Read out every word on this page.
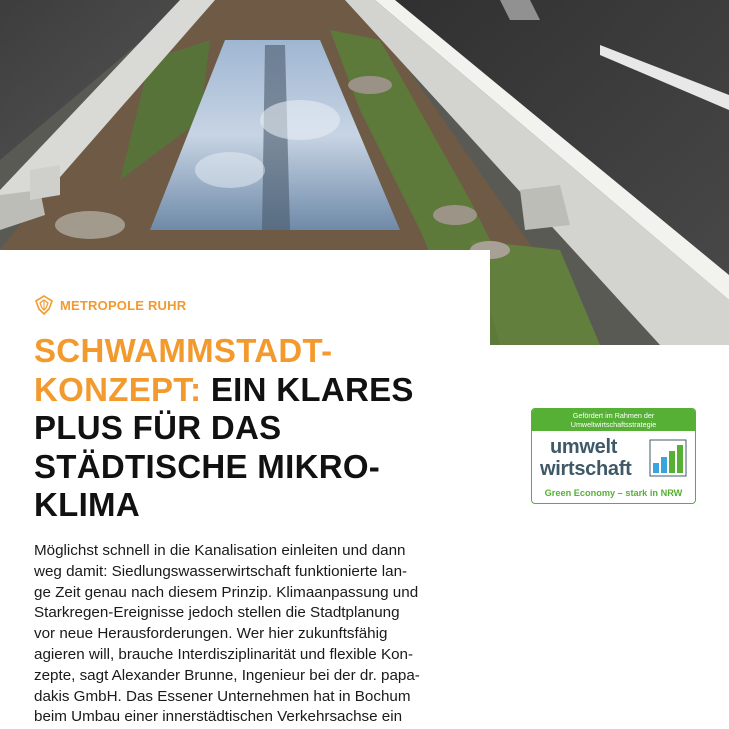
METROPOLE RUHR
SCHWAMMSTADT-
KONZEPT: EIN KLARES
PLUS FÜR DAS
STÄDTISCHE MIKRO-
KLIMA
Möglichst schnell in die Kanalisation einleiten und dann
weg damit: Siedlungswasserwirtschaft funktionierte lan-
ge Zeit genau nach diesem Prinzip. Klimaanpassung und
Starkregen-Ereignisse jedoch stellen die Stadtplanung
vor neue Herausforderungen. Wer hier zukunftsfähig
agieren will, brauche Interdisziplinarität und flexible Kon-
zepte, sagt Alexander Brunne, Ingenieur bei der dr. papa-
dakis GmbH. Das Essener Unternehmen hat in Bochum
beim Umbau einer innerstädtischen Verkehrsachse ein
Gefördert im Rahmen der
Umweltwirtschaftsstrategie
umwelt
wirtschaft
Green Economy – stark in NRW
